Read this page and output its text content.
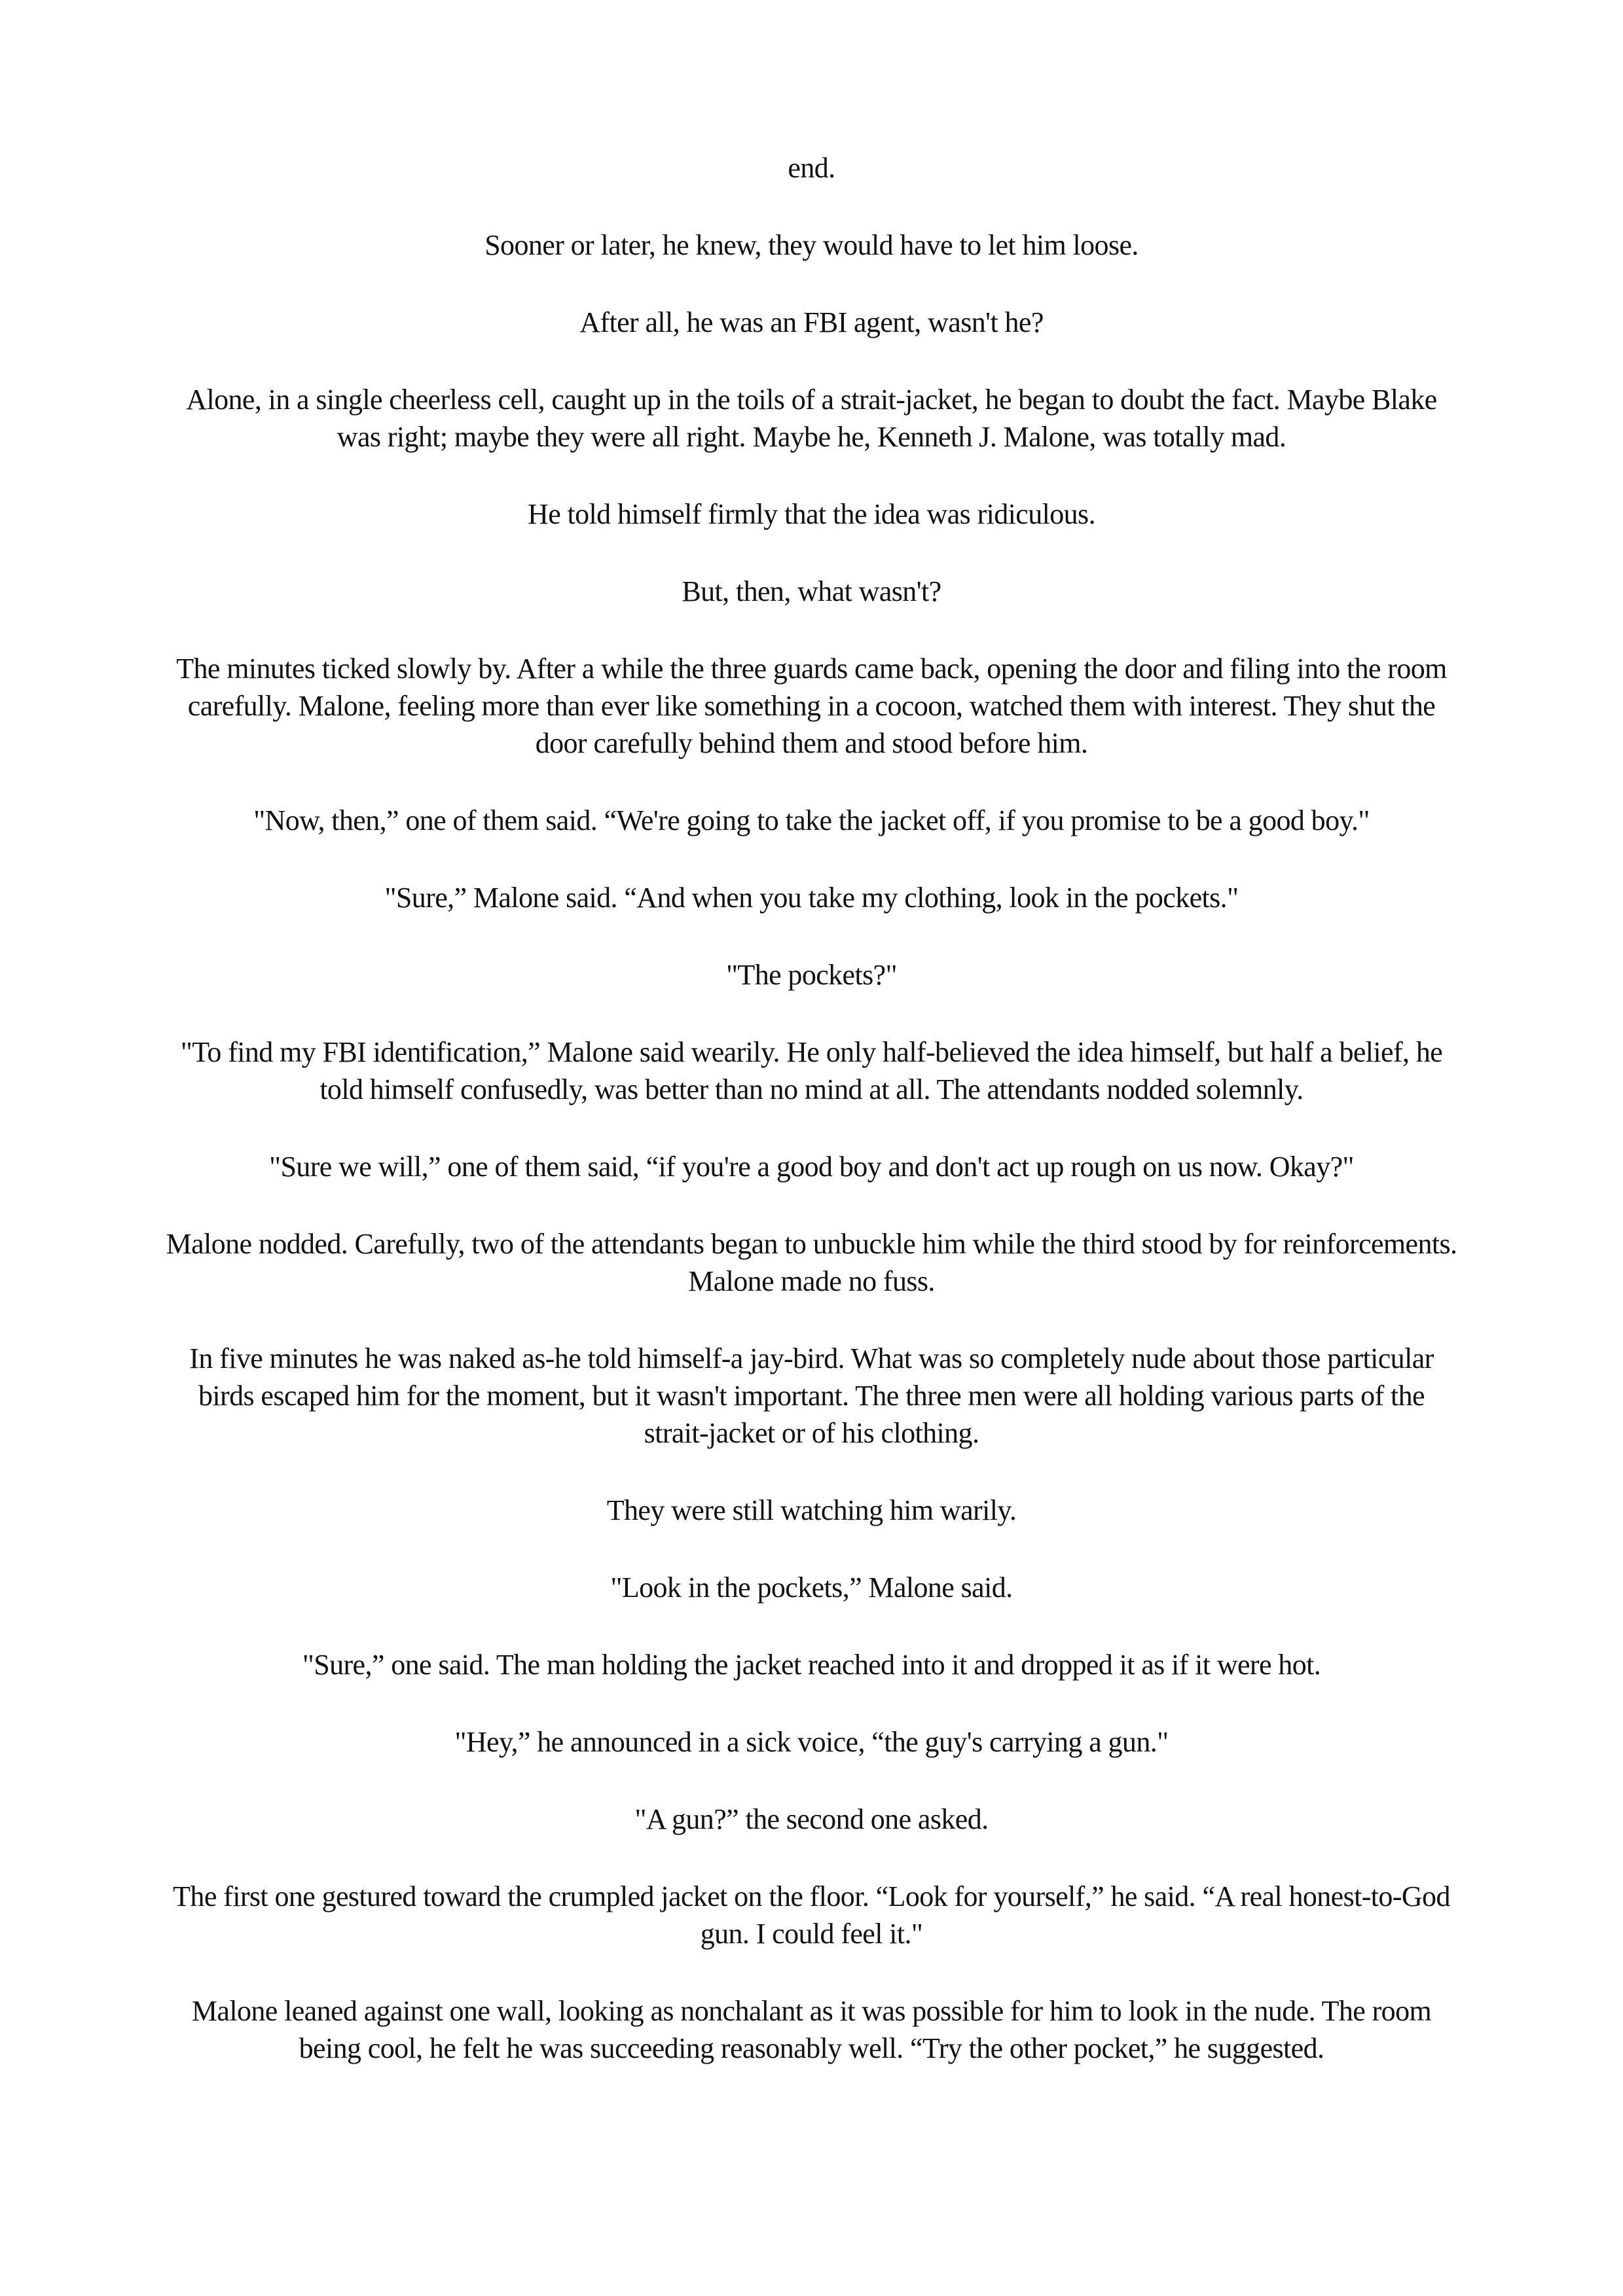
end.

Sooner or later, he knew, they would have to let him loose.

After all, he was an FBI agent, wasn't he?

Alone, in a single cheerless cell, caught up in the toils of a strait-jacket, he began to doubt the fact. Maybe Blake was right; maybe they were all right. Maybe he, Kenneth J. Malone, was totally mad.

He told himself firmly that the idea was ridiculous.

But, then, what wasn't?

The minutes ticked slowly by. After a while the three guards came back, opening the door and filing into the room carefully. Malone, feeling more than ever like something in a cocoon, watched them with interest. They shut the door carefully behind them and stood before him.

"Now, then,” one of them said. “We're going to take the jacket off, if you promise to be a good boy."

"Sure,” Malone said. “And when you take my clothing, look in the pockets."

"The pockets?"

"To find my FBI identification,” Malone said wearily. He only half-believed the idea himself, but half a belief, he told himself confusedly, was better than no mind at all. The attendants nodded solemnly.

"Sure we will,” one of them said, “if you're a good boy and don't act up rough on us now. Okay?"

Malone nodded. Carefully, two of the attendants began to unbuckle him while the third stood by for reinforcements. Malone made no fuss.

In five minutes he was naked as-he told himself-a jay-bird. What was so completely nude about those particular birds escaped him for the moment, but it wasn't important. The three men were all holding various parts of the strait-jacket or of his clothing.

They were still watching him warily.

"Look in the pockets,” Malone said.

"Sure,” one said. The man holding the jacket reached into it and dropped it as if it were hot.

"Hey,” he announced in a sick voice, “the guy's carrying a gun."

"A gun?” the second one asked.

The first one gestured toward the crumpled jacket on the floor. “Look for yourself,” he said. “A real honest-to-God gun. I could feel it."

Malone leaned against one wall, looking as nonchalant as it was possible for him to look in the nude. The room being cool, he felt he was succeeding reasonably well. “Try the other pocket,” he suggested.
